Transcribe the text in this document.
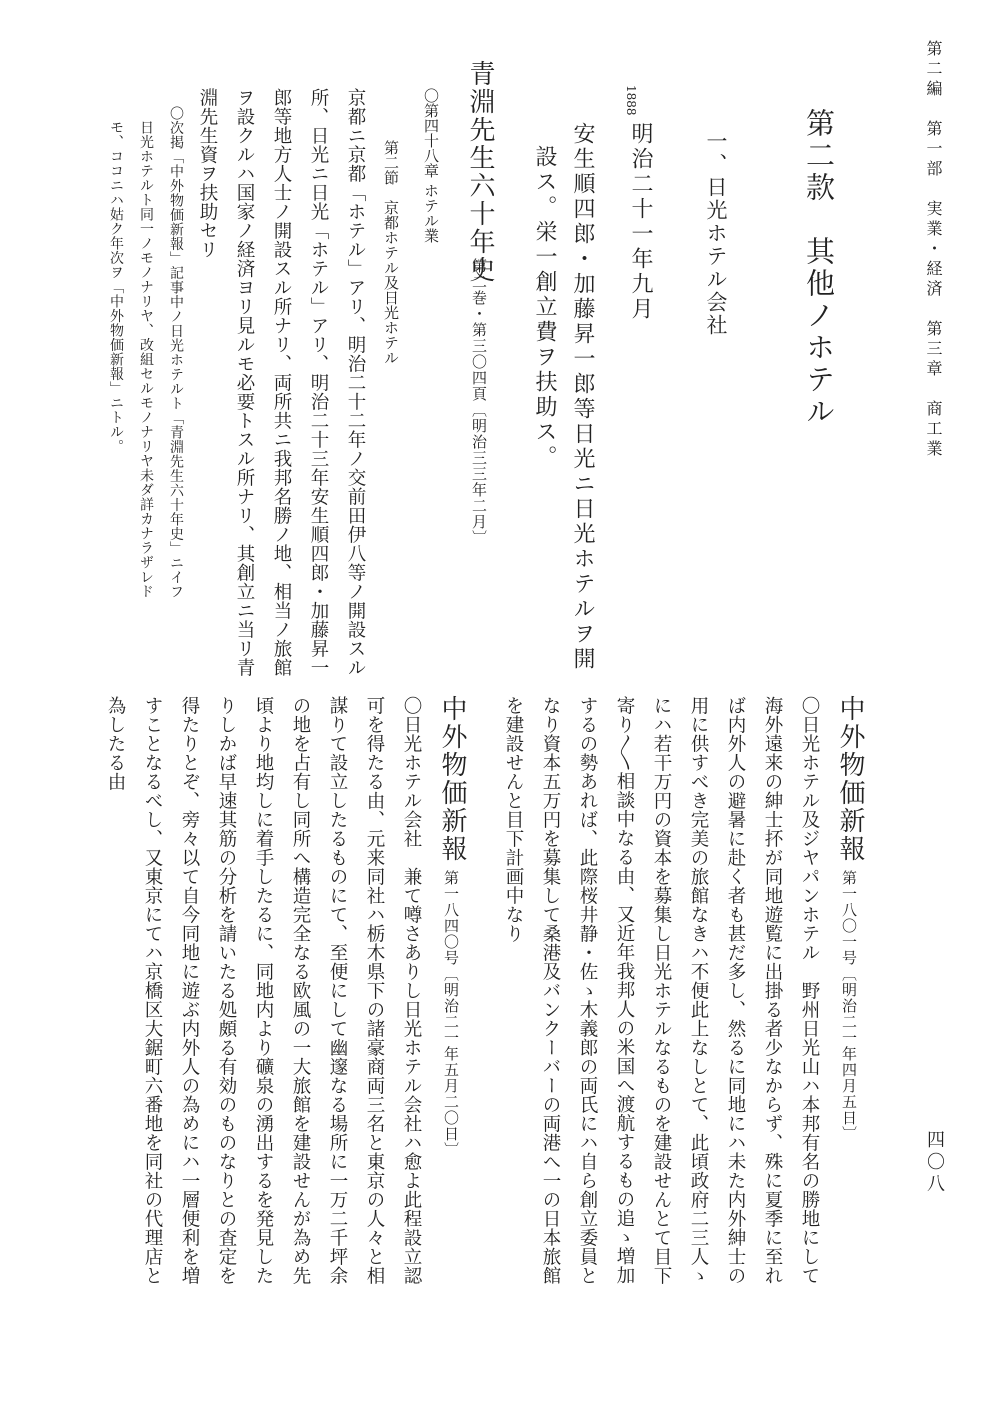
第二編　第一部　実業・経済　第三章　商工業
四〇八
第二款　其他ノホテル
一、日光ホテル会社
1888
明治二十一年九月
安生順四郎・加藤昇一郎等日光ニ日光ホテルヲ開
設ス。栄一創立費ヲ扶助ス。
青淵先生六十年史
第二巻・第三〇四頁〔明治三三年二月〕
〇第四十八章 ホテル業
第二節　京都ホテル及日光ホテル
京都ニ京都「ホテル」アリ、明治二十二年ノ交前田伊八等ノ開設スル
所、日光ニ日光「ホテル」アリ、明治二十三年安生順四郎・加藤昇一
郎等地方人士ノ開設スル所ナリ、両所共ニ我邦名勝ノ地、相当ノ旅館
ヲ設クルハ国家ノ経済ヨリ見ルモ必要トスル所ナリ、其創立ニ当リ青
淵先生資ヲ扶助セリ
〇次掲「中外物価新報」記事中ノ日光ホテルト「青淵先生六十年史」ニイフ
日光ホテルト同一ノモノナリヤ、改組セルモノナリヤ未ダ詳カナラザレド
モ、ココニハ姑ク年次ヲ「中外物価新報」ニトル。
中外物価新報
第一八〇一号〔明治二一年四月五日〕
〇日光ホテル及ジヤパンホテル　野州日光山ハ本邦有名の勝地にして
海外遠来の紳士抔が同地遊覧に出掛る者少なからず、殊に夏季に至れ
ば内外人の避暑に赴く者も甚だ多し、然るに同地にハ未た内外紳士の
用に供すべき完美の旅館なきハ不便此上なしとて、此頃政府二三人ゝ
にハ若干万円の資本を募集し日光ホテルなるものを建設せんとて目下
寄り〳〵相談中なる由、又近年我邦人の米国へ渡航するもの追ゝ増加
するの勢あれば、此際桜井静・佐ゝ木義郎の両氏にハ自ら創立委員と
なり資本五万円を募集して桑港及バンクーバーの両港へ一の日本旅館
を建設せんと目下計画中なり
中外物価新報
第一八四〇号〔明治二一年五月二〇日〕
〇日光ホテル会社　兼て噂さありし日光ホテル会社ハ愈よ此程設立認
可を得たる由、元来同社ハ栃木県下の諸豪商両三名と東京の人々と相
謀りて設立したるものにて、至便にして幽邃なる場所に一万二千坪余
の地を占有し同所へ構造完全なる欧風の一大旅館を建設せんが為め先
頃より地均しに着手したるに、同地内より礦泉の湧出するを発見した
りしかば早速其筋の分析を請いたる処頗る有効のものなりとの査定を
得たりとぞ、旁々以て自今同地に遊ぶ内外人の為めにハ一層便利を増
すことなるべし、又東京にてハ京橋区大鋸町六番地を同社の代理店と
為したる由
